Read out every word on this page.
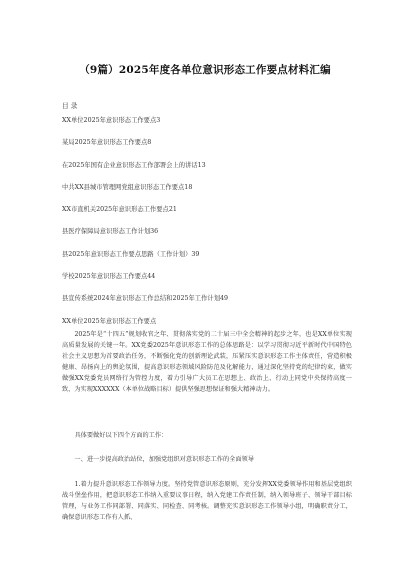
（9篇）2025年度各单位意识形态工作要点材料汇编
目 录
XX单位2025年意识形态工作要点3
某局2025年意识形态工作要点8
在2025年国有企业意识形态工作部署会上的讲话13
中共XX县城市管理网党组意识形态工作要点18
XX市直机关2025年意识形态工作要点21
县医疗保障局意识形态工作计划36
县2025年意识形态工作要点思路（工作计划）39
学校2025年意识形态工作要点44
县宣传系统2024年意识形态工作总结和2025年工作计划49
XX单位2025年意识形态工作要点

2025年是“十四五”规划收官之年、贯彻落实党的二十届三中全会精神的起步之年，也是XX单位实现高质量发展的关键一年。XX党委2025年意识形态工作的总体思路是：以学习贯彻习近平新时代中国特色社会主义思想为首要政治任务，不断强化党的创新理论武装，压紧压实意识形态工作主体责任，营造积极健康、昂扬向上的舆论氛围，提高意识形态领域风险防范及化解能力，通过深化坚持党的纪律约束，做实做强XX党委党员网络行为管控力度，着力引导广大员工在思想上、政治上、行动上同党中央保持高度一致，为实现XXXXXX（本单位战略目标）提供坚强思想保证和强大精神动力。

具体要做好以下四个方面的工作：

一、进一步提高政治站位，加强党组织对意识形态工作的全面领导

1.着力提升意识形态工作领导力度。坚持党管意识形态原则，充分发挥XX党委领导作用和基层党组织战斗堡垒作用，把意识形态工作纳入重要议事日程，纳入党建工作责任制，纳入领导班子、领导干部目标管理，与业务工作同部署、同落实、同检查、同考核。调整充实意识形态工作领导小组，明确职责分工，确保意识形态工作有人抓、
